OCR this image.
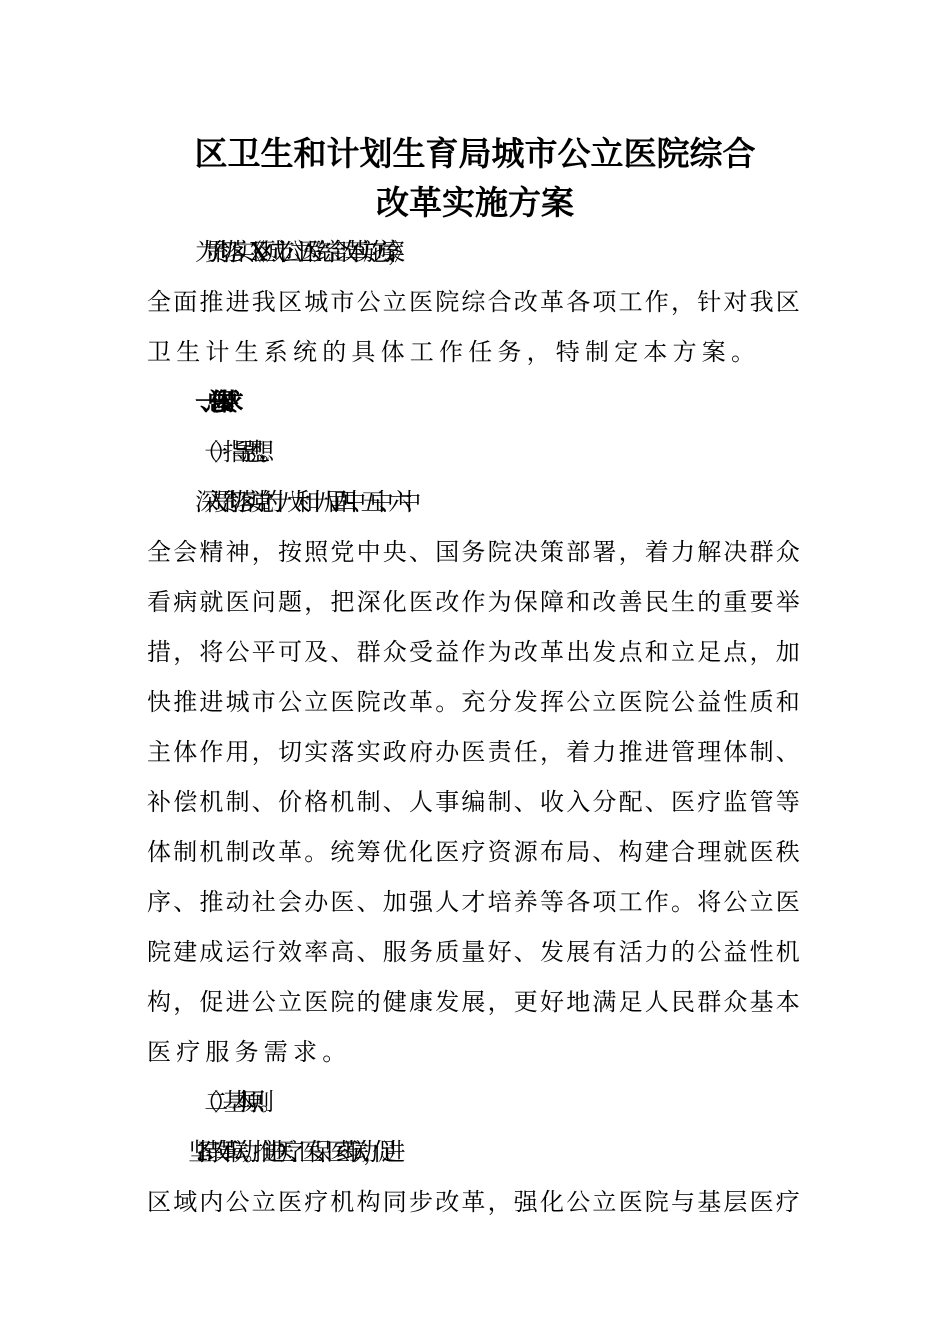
区卫生和计划生育局城市公立医院综合
改革实施方案
为贯彻落实《X区城市公立医院综合改革实施方案》，
全面推进我区城市公立医院综合改革各项工作，针对我区
卫生计生系统的具体工作任务，特制定本方案。
一、总体要求
（一）指导思想。
深入贯彻落实党的十八大和十八届四中、五中、六中
全会精神，按照党中央、国务院决策部署，着力解决群众
看病就医问题，把深化医改作为保障和改善民生的重要举
措，将公平可及、群众受益作为改革出发点和立足点，加
快推进城市公立医院改革。充分发挥公立医院公益性质和
主体作用，切实落实政府办医责任，着力推进管理体制、
补偿机制、价格机制、人事编制、收入分配、医疗监管等
体制机制改革。统筹优化医疗资源布局、构建合理就医秩
序、推动社会办医、加强人才培养等各项工作。将公立医
院建成运行效率高、服务质量好、发展有活力的公益性机
构，促进公立医院的健康发展，更好地满足人民群众基本
医疗服务需求。
（二）基本原则。
1.坚持改革联动。推进医疗、医保、医药联动，促进
区域内公立医疗机构同步改革，强化公立医院与基层医疗
